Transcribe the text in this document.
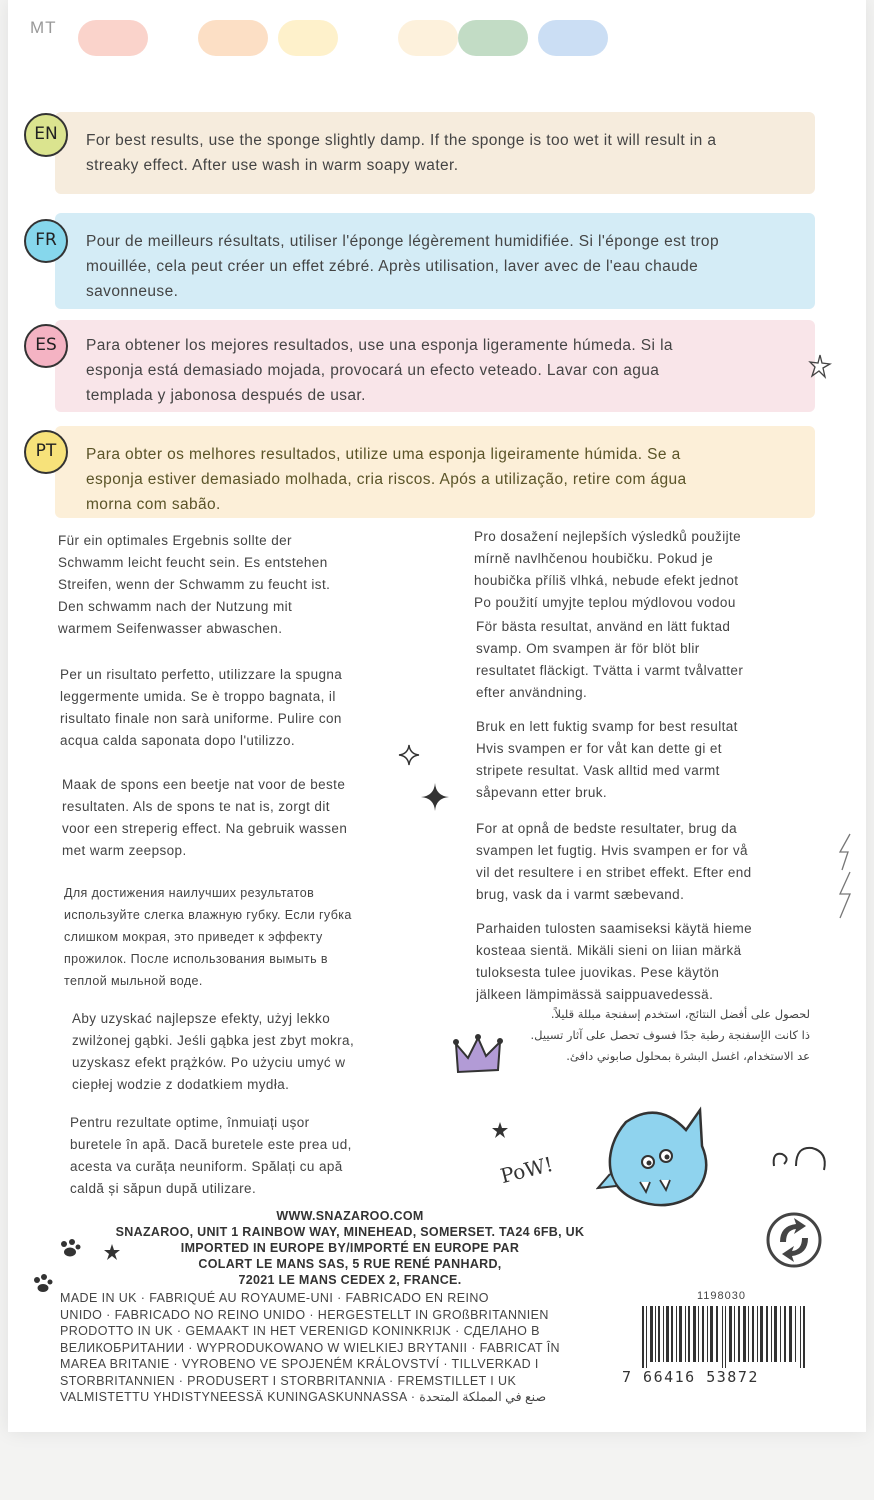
MT
EN	For best results, use the sponge slightly damp. If the sponge is too wet it will result in a
streaky effect. After use wash in warm soapy water.
FR	Pour de meilleurs résultats, utiliser l'éponge légèrement humidifiée. Si l'éponge est trop
mouillée, cela peut créer un effet zébré. Après utilisation, laver avec de l'eau chaude
savonneuse.
ES	Para obtener los mejores resultados, use una esponja ligeramente húmeda. Si la
esponja está demasiado mojada, provocará un efecto veteado. Lavar con agua
templada y jabonosa después de usar.
PT	Para obter os melhores resultados, utilize uma esponja ligeiramente húmida. Se a
esponja estiver demasiado molhada, cria riscos. Após a utilização, retire com água
morna com sabão.
Für ein optimales Ergebnis sollte der
Schwamm leicht feucht sein. Es entstehen
Streifen, wenn der Schwamm zu feucht ist.
Den schwamm nach der Nutzung mit
warmem Seifenwasser abwaschen.
Per un risultato perfetto, utilizzare la spugna
leggermente umida. Se è troppo bagnata, il
risultato finale non sarà uniforme. Pulire con
acqua calda saponata dopo l'utilizzo.
Maak de spons een beetje nat voor de beste
resultaten. Als de spons te nat is, zorgt dit
voor een streperig effect. Na gebruik wassen
met warm zeepsop.
Для достижения наилучших результатов
используйте слегка влажную губку. Если губка
слишком мокрая, это приведет к эффекту
прожилок. После использования вымыть в
теплой мыльной воде.
Aby uzyskać najlepsze efekty, użyj lekko
zwilżonej gąbki. Jeśli gąbka jest zbyt mokra,
uzyskasz efekt prążków. Po użyciu umyć w
ciepłej wodzie z dodatkiem mydła.
Pentru rezultate optime, înmuiați ușor
buretele în apă. Dacă buretele este prea ud,
acesta va curăța neuniform. Spălați cu apă
caldă și săpun după utilizare.
Pro dosažení nejlepších výsledků použijte
mírně navlhčenou houbičku. Pokud je
houbička příliš vlhká, nebude efekt jednot
Po použití umyjte teplou mýdlovou vodou
För bästa resultat, använd en lätt fuktad
svamp. Om svampen är för blöt blir
resultatet fläckigt. Tvätta i varmt tvålvatter
efter användning.
Bruk en lett fuktig svamp for best resultat
Hvis svampen er for våt kan dette gi et
stripete resultat. Vask alltid med varmt
såpevann etter bruk.
For at opnå de bedste resultater, brug da
svampen let fugtig. Hvis svampen er for vå
vil det resultere i en stribet effekt. Efter end
brug, vask da i varmt sæbevand.
Parhaiden tulosten saamiseksi käytä hieme
kosteaa sientä. Mikäli sieni on liian märkä
tuloksesta tulee juovikas. Pese käytön
jälkeen lämpimässä saippuavedessä.
لحصول على أفضل النتائج، استخدم إسفنجة مبللة قليلاً.
ذا كانت الإسفنجة رطبة جدًا فسوف تحصل على آثار تسييل.
عد الاستخدام، اغسل البشرة بمحلول صابوني دافئ.
PoW!
WWW.SNAZAROO.COM
SNAZAROO, UNIT 1 RAINBOW WAY, MINEHEAD, SOMERSET. TA24 6FB, UK
IMPORTED IN EUROPE BY/IMPORTÉ EN EUROPE PAR
COLART LE MANS SAS, 5 RUE RENÉ PANHARD,
72021 LE MANS CEDEX 2, FRANCE.
MADE IN UK · FABRIQUÉ AU ROYAUME-UNI · FABRICADO EN REINO
UNIDO · FABRICADO NO REINO UNIDO · HERGESTELLT IN GROßBRITANNIEN
PRODOTTO IN UK · GEMAAKT IN HET VERENIGD KONINKRIJK · СДЕЛАНО В
ВЕЛИКОБРИТАНИИ · WYPRODUKOWANO W WIELKIEJ BRYTANII · FABRICAT ÎN
MAREA BRITANIE · VYROBENO VE SPOJENÉM KRÁLOVSTVÍ · TILLVERKAD I
STORBRITANNIEN · PRODUSERT I STORBRITANNIA · FREMSTILLET I UK
VALMISTETTU YHDISTYNEESSÄ KUNINGASKUNNASSA · صنع في المملكة المتحدة
1198030
7 66416 53872
